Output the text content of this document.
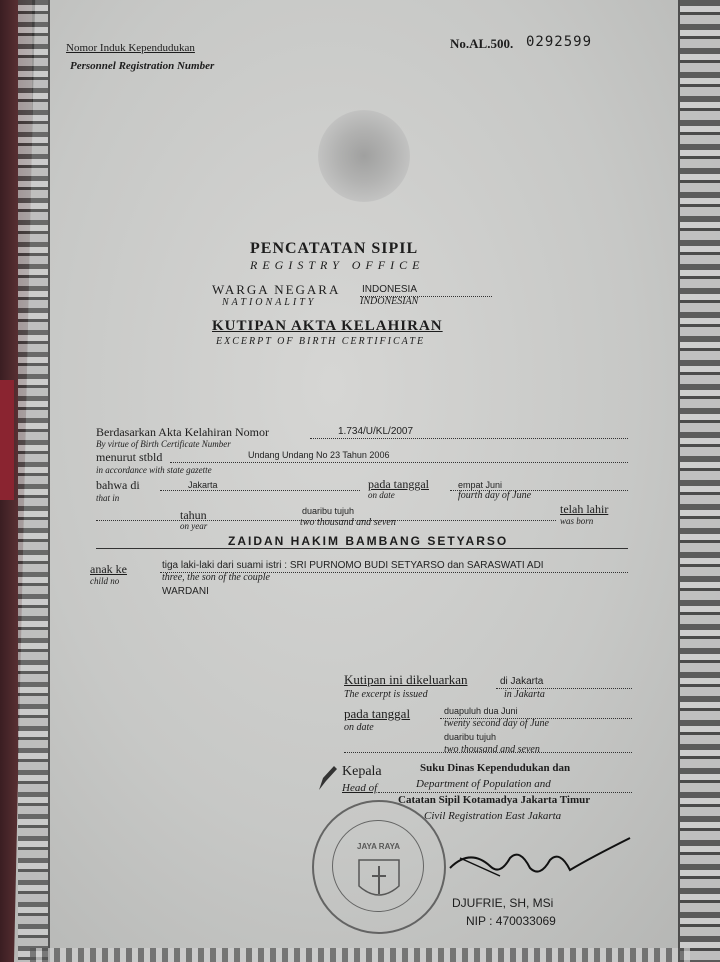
Nomor Induk Kependudukan
Personnel Registration Number
No.AL.500. 0292599
PENCATATAN SIPIL
REGISTRY OFFICE
WARGA NEGARA
NATIONALITY
INDONESIA
INDONESIAN
KUTIPAN AKTA KELAHIRAN
EXCERPT OF BIRTH CERTIFICATE
Berdasarkan Akta Kelahiran Nomor
By virtue of Birth Certificate Number
1.734/U/KL/2007
menurut stbld
in accordance with state gazette
Undang Undang No 23 Tahun 2006
bahwa di
that in
Jakarta	pada tanggal
on date
empat Juni
fourth day of June
tahun
on year
duaribu tujuh
two thousand and seven
telah lahir
was born
ZAIDAN HAKIM BAMBANG SETYARSO
anak ke
child no
tiga laki-laki dari suami istri : SRI PURNOMO BUDI SETYARSO dan SARASWATI ADI
three, the son of the couple
WARDANI
Kutipan ini dikeluarkan
The excerpt is issued
di Jakarta
in Jakarta
pada tanggal
on date
duapuluh dua Juni
twenty second day of June
duaribu tujuh
two thousand and seven
Kepala
Head of
Suku Dinas Kependudukan dan
Department of Population and
Catatan Sipil Kotamadya Jakarta Timur
Civil Registration East Jakarta
JAYA RAYA
DJUFRIE, SH, MSi
NIP : 470033069
